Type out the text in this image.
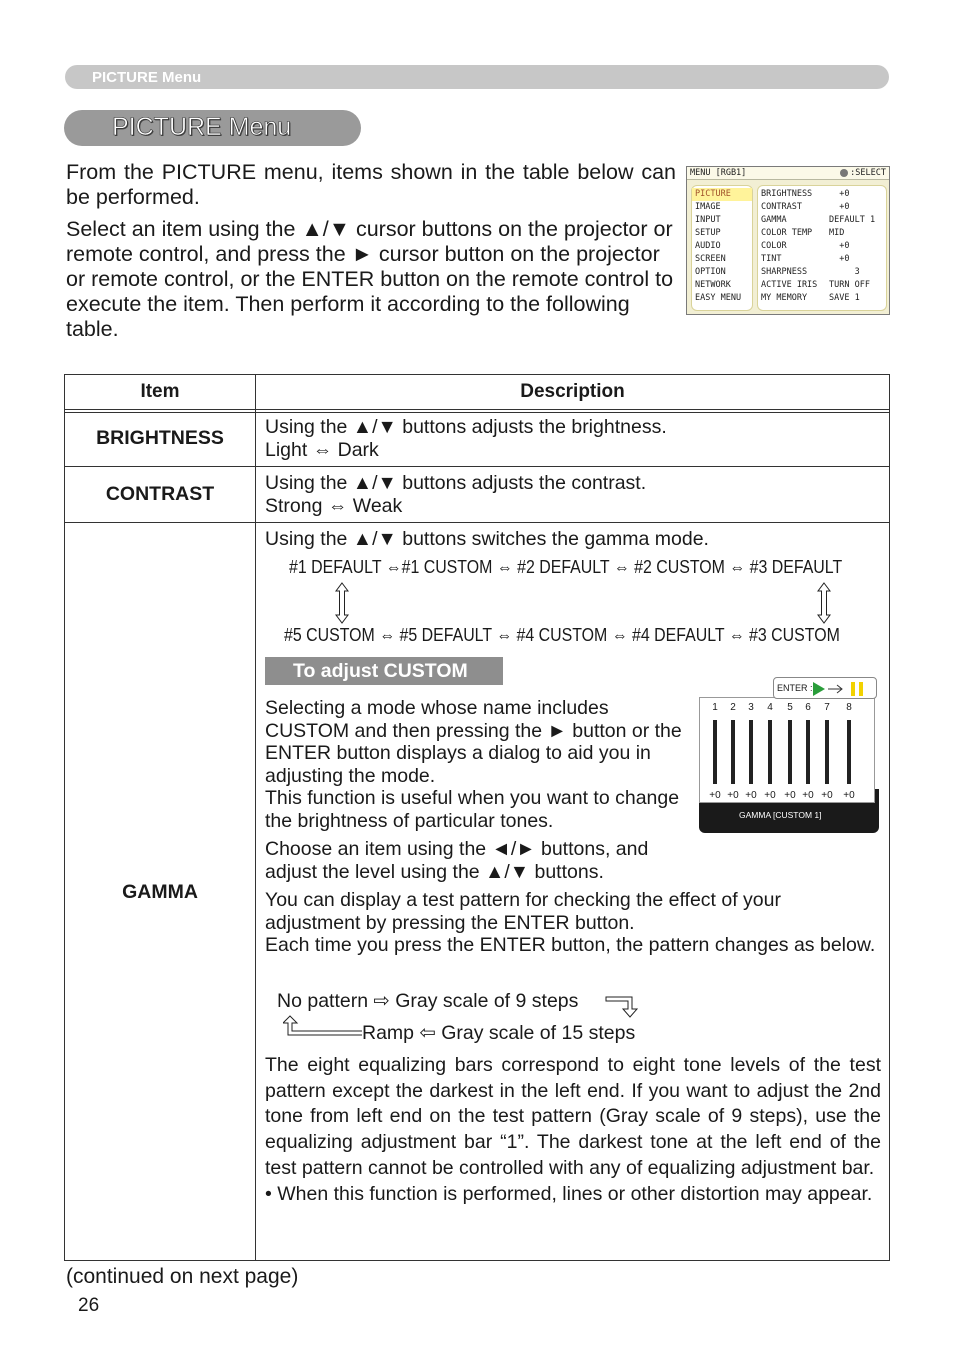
PICTURE Menu
PICTURE Menu

From the PICTURE menu, items shown in the table below can be performed.

Select an item using the ▲/▼ cursor buttons on the projector or remote control, and press the ► cursor button on the projector or remote control, or the ENTER button on the remote control to execute the item. Then perform it according to the following table.

MENU [RGB1]	:SELECT
PICTURE
IMAGE
INPUT
SETUP
AUDIO
SCREEN
OPTION
NETWORK
EASY MENU
BRIGHTNESS	+0
CONTRAST	+0
GAMMA	DEFAULT 1
COLOR TEMP	MID
COLOR	+0
TINT	+0
SHARPNESS	3
ACTIVE IRIS	TURN OFF
MY MEMORY	SAVE 1
Item	Description
BRIGHTNESS	Using the ▲/▼ buttons adjusts the brightness.

Light ⇔ Dark

CONTRAST	Using the ▲/▼ buttons adjusts the contrast.

Strong ⇔ Weak

GAMMA

Using the ▲/▼ buttons switches the gamma mode.

#1 DEFAULT ⇔#1 CUSTOM ⇔ #2 DEFAULT ⇔ #2 CUSTOM ⇔ #3 DEFAULT
#5 CUSTOM ⇔ #5 DEFAULT ⇔ #4 CUSTOM ⇔ #4 DEFAULT ⇔ #3 CUSTOM
To adjust CUSTOM

Selecting a mode whose name includes CUSTOM and then pressing the ► button or the ENTER button displays a dialog to aid you in adjusting the mode.

This function is useful when you want to change the brightness of particular tones.

Choose an item using the ◄/► buttons, and adjust the level using the ▲/▼ buttons.

GAMMA [CUSTOM 1]
1	2	3	4	5	6	7	8
+0 +0 +0 +0 +0 +0 +0	+0
ENTER :

You can display a test pattern for checking the effect of your adjustment by pressing the ENTER button.

Each time you press the ENTER button, the pattern changes as below.

No pattern ⇨ Gray scale of 9 steps
Ramp ⇦ Gray scale of 15 steps

The eight equalizing bars correspond to eight tone levels of the test pattern except the darkest in the left end. If you want to adjust the 2nd tone from left end on the test pattern (Gray scale of 9 steps), use the equalizing adjustment bar “1”. The darkest tone at the left end of the test pattern cannot be controlled with any of equalizing adjustment bar.

• When this function is performed, lines or other distortion may appear.

(continued on next page)
26
